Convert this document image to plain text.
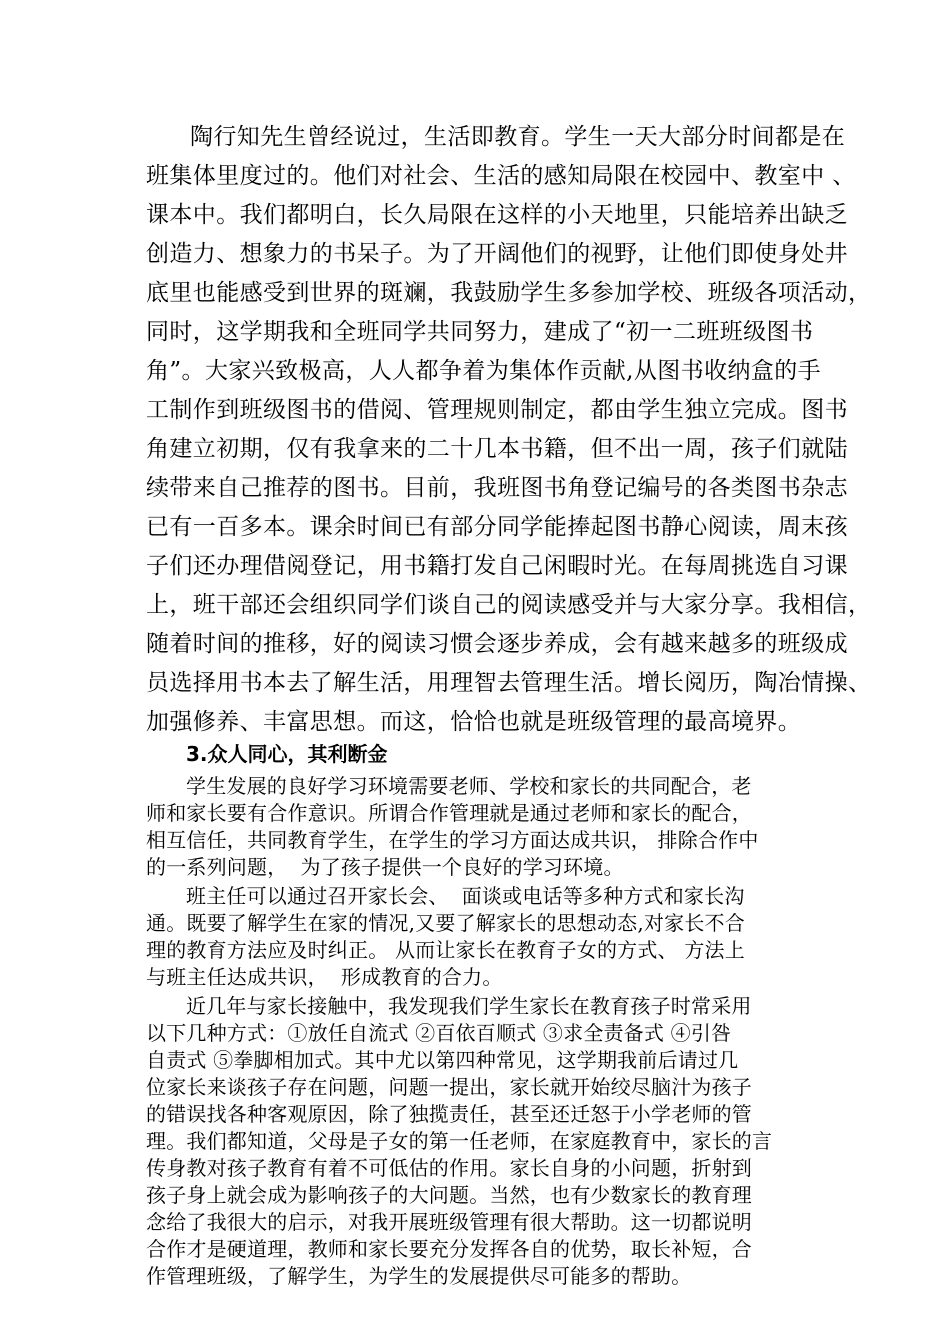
陶行知先生曾经说过，生活即教育。学生一天大部分时间都是在

班集体里度过的。他们对社会、生活的感知局限在校园中、教室中 、

课本中。我们都明白，长久局限在这样的小天地里，只能培养出缺乏

创造力、想象力的书呆子。为了开阔他们的视野，让他们即使身处井

底里也能感受到世界的斑斓，我鼓励学生多参加学校、班级各项活动，

同时，这学期我和全班同学共同努力，建成了“初一二班班级图书

角”。大家兴致极高，人人都争着为集体作贡献,从图书收纳盒的手

工制作到班级图书的借阅、管理规则制定，都由学生独立完成。图书

角建立初期，仅有我拿来的二十几本书籍，但不出一周，孩子们就陆

续带来自己推荐的图书。目前，我班图书角登记编号的各类图书杂志

已有一百多本。课余时间已有部分同学能捧起图书静心阅读，周末孩

子们还办理借阅登记，用书籍打发自己闲暇时光。在每周挑选自习课

上，班干部还会组织同学们谈自己的阅读感受并与大家分享。我相信，

随着时间的推移，好的阅读习惯会逐步养成，会有越来越多的班级成

员选择用书本去了解生活，用理智去管理生活。增长阅历，陶冶情操、

加强修养、丰富思想。而这，恰恰也就是班级管理的最高境界。

3.众人同心，其利断金

学生发展的良好学习环境需要老师、学校和家长的共同配合，老

师和家长要有合作意识。所谓合作管理就是通过老师和家长的配合，

相互信任，共同教育学生，在学生的学习方面达成共识， 排除合作中

的一系列问题，  为了孩子提供一个良好的学习环境。

班主任可以通过召开家长会、  面谈或电话等多种方式和家长沟

通。既要了解学生在家的情况,又要了解家长的思想动态,对家长不合

理的教育方法应及时纠正。 从而让家长在教育子女的方式、 方法上

与班主任达成共识，  形成教育的合力。

近几年与家长接触中，我发现我们学生家长在教育孩子时常采用

以下几种方式：①放任自流式 ②百依百顺式 ③求全责备式 ④引咎

自责式 ⑤拳脚相加式。其中尤以第四种常见，这学期我前后请过几

位家长来谈孩子存在问题，问题一提出，家长就开始绞尽脑汁为孩子

的错误找各种客观原因，除了独揽责任，甚至还迁怒于小学老师的管

理。我们都知道，父母是子女的第一任老师，在家庭教育中，家长的言

传身教对孩子教育有着不可低估的作用。家长自身的小问题，折射到

孩子身上就会成为影响孩子的大问题。当然，也有少数家长的教育理

念给了我很大的启示，对我开展班级管理有很大帮助。这一切都说明

合作才是硬道理，教师和家长要充分发挥各自的优势，取长补短，合

作管理班级，了解学生，为学生的发展提供尽可能多的帮助。
